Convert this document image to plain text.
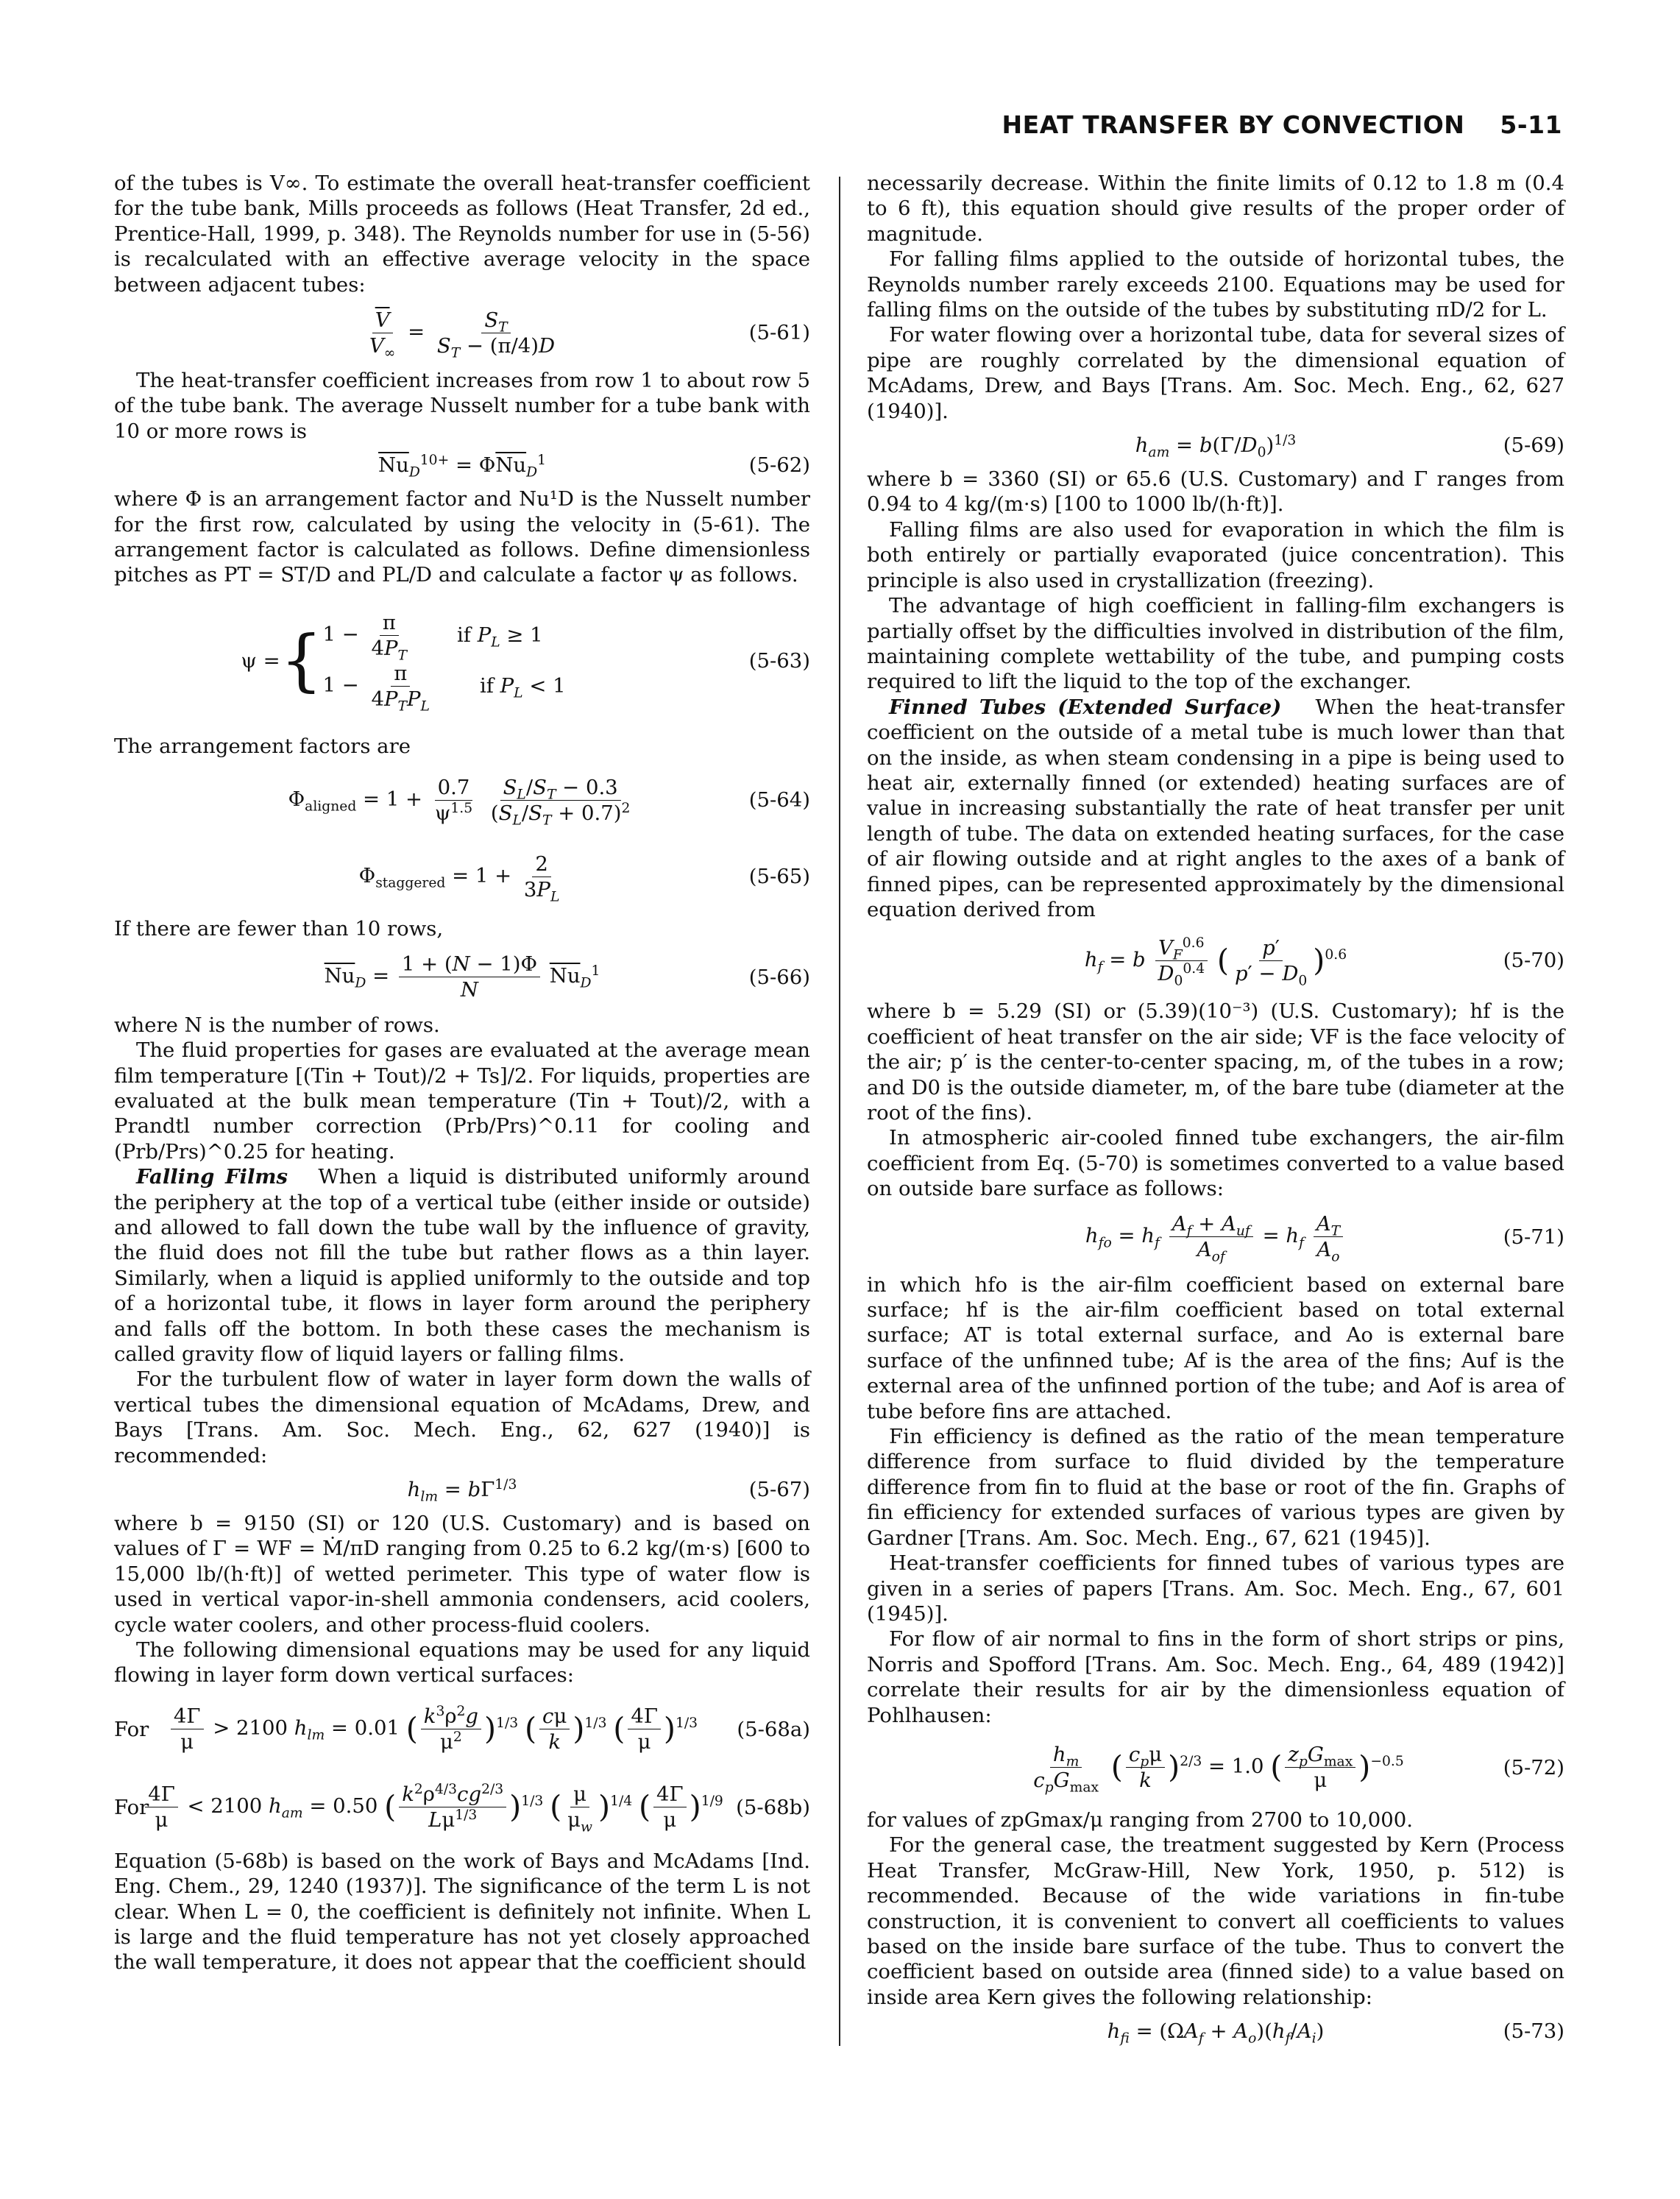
HEAT TRANSFER BY CONVECTION 5-11

of the tubes is V∞. To estimate the overall heat-transfer coefficient for the tube bank, Mills proceeds as follows (Heat Transfer, 2d ed., Prentice-Hall, 1999, p. 348). The Reynolds number for use in (5-56) is recalculated with an effective average velocity in the space between adjacent tubes:

$\frac{\overline{V}}{V_\infty} = \frac{S_T}{S_T - (\pi/4)D}$	(5-61)

The heat-transfer coefficient increases from row 1 to about row 5 of the tube bank. The average Nusselt number for a tube bank with 10 or more rows is

$\overline{Nu}_D^{10+} = \Phi\overline{Nu}_D^1$	(5-62)

where Φ is an arrangement factor and Nu¹D is the Nusselt number for the first row, calculated by using the velocity in (5-61). The arrangement factor is calculated as follows. Define dimensionless pitches as PT = ST/D and PL/D and calculate a factor ψ as follows.

ψ = { $1 - \frac{\pi}{4P_T}$ if $P_L \ge 1$
$1 - \frac{\pi}{4P_TP_L}$ if $P_L < 1$
(5-63)

The arrangement factors are

$\Phi_{aligned} = 1 + \frac{0.7}{\psi^{1.5}}$
$\frac{S_L/S_T - 0.3}{(S_L/S_T + 0.7)^2}$	(5-64)
$\Phi_{staggered} = 1 + \frac{2}{3P_L}$	(5-65)

If there are fewer than 10 rows,

$\overline{Nu}_D = \frac{1 + (N - 1)\Phi}{N} \overline{Nu}_D^1$	(5-66)

where N is the number of rows.

The fluid properties for gases are evaluated at the average mean film temperature [(Tin + Tout)/2 + Ts]/2. For liquids, properties are evaluated at the bulk mean temperature (Tin + Tout)/2, with a Prandtl number correction (Prb/Prs)^0.11 for cooling and (Prb/Prs)^0.25 for heating.

Falling Films When a liquid is distributed uniformly around the periphery at the top of a vertical tube (either inside or outside) and allowed to fall down the tube wall by the influence of gravity, the fluid does not fill the tube but rather flows as a thin layer. Similarly, when a liquid is applied uniformly to the outside and top of a horizontal tube, it flows in layer form around the periphery and falls off the bottom. In both these cases the mechanism is called gravity flow of liquid layers or falling films.

For the turbulent flow of water in layer form down the walls of vertical tubes the dimensional equation of McAdams, Drew, and Bays [Trans. Am. Soc. Mech. Eng., 62, 627 (1940)] is recommended:

$h_{lm} = b\Gamma^{1/3}$	(5-67)

where b = 9150 (SI) or 120 (U.S. Customary) and is based on values of Γ = WF = Ṁ/πD ranging from 0.25 to 6.2 kg/(m·s) [600 to 15,000 lb/(h·ft)] of wetted perimeter. This type of water flow is used in vertical vapor-in-shell ammonia condensers, acid coolers, cycle water coolers, and other process-fluid coolers.

The following dimensional equations may be used for any liquid flowing in layer form down vertical surfaces:

For $\frac{4\Gamma}{\mu} > 2100$ $h_{lm} = 0.01$ ( $\frac{k^3\rho^2g}{\mu^2} )^{1/3}$ ( $\frac{c\mu}{k} )^{1/3}$ ( $\frac{4\Gamma}{\mu} )^{1/3}$ (5-68a)
For
$\frac{4\Gamma}{\mu} < 2100$ $h_{am} = 0.50$ ( $\frac{k^2\rho^{4/3}cg^{2/3}}{L\mu^{1/3}} )^{1/3}$ ( $\frac{\mu}{\mu_w} )^{1/4}$ ( $\frac{4\Gamma}{\mu} )^{1/9}$ (5-68b)

Equation (5-68b) is based on the work of Bays and McAdams [Ind. Eng. Chem., 29, 1240 (1937)]. The significance of the term L is not clear. When L = 0, the coefficient is definitely not infinite. When L is large and the fluid temperature has not yet closely approached the wall temperature, it does not appear that the coefficient should

necessarily decrease. Within the finite limits of 0.12 to 1.8 m (0.4 to 6 ft), this equation should give results of the proper order of magnitude.

For falling films applied to the outside of horizontal tubes, the Reynolds number rarely exceeds 2100. Equations may be used for falling films on the outside of the tubes by substituting πD/2 for L.

For water flowing over a horizontal tube, data for several sizes of pipe are roughly correlated by the dimensional equation of McAdams, Drew, and Bays [Trans. Am. Soc. Mech. Eng., 62, 627 (1940)].

$h_{am} = b(\Gamma/D_0)^{1/3}$	(5-69)

where b = 3360 (SI) or 65.6 (U.S. Customary) and Γ ranges from 0.94 to 4 kg/(m·s) [100 to 1000 lb/(h·ft)].

Falling films are also used for evaporation in which the film is both entirely or partially evaporated (juice concentration). This principle is also used in crystallization (freezing).

The advantage of high coefficient in falling-film exchangers is partially offset by the difficulties involved in distribution of the film, maintaining complete wettability of the tube, and pumping costs required to lift the liquid to the top of the exchanger.

Finned Tubes (Extended Surface) When the heat-transfer coefficient on the outside of a metal tube is much lower than that on the inside, as when steam condensing in a pipe is being used to heat air, externally finned (or extended) heating surfaces are of value in increasing substantially the rate of heat transfer per unit length of tube. The data on extended heating surfaces, for the case of air flowing outside and at right angles to the axes of a bank of finned pipes, can be represented approximately by the dimensional equation derived from

$h_f = b \frac{V_F^{0.6}}{D_0^{0.4}}$ ( $\frac{p'}{p' - D_0} )^{0.6}$	(5-70)

where b = 5.29 (SI) or (5.39)(10⁻³) (U.S. Customary); hf is the coefficient of heat transfer on the air side; VF is the face velocity of the air; p′ is the center-to-center spacing, m, of the tubes in a row; and D0 is the outside diameter, m, of the bare tube (diameter at the root of the fins).

In atmospheric air-cooled finned tube exchangers, the air-film coefficient from Eq. (5-70) is sometimes converted to a value based on outside bare surface as follows:

$h_{fo} = h_f \frac{A_f + A_{uf}}{A_{of}} = h_f \frac{A_T}{A_o}$	(5-71)

in which hfo is the air-film coefficient based on external bare surface; hf is the air-film coefficient based on total external surface; AT is total external surface, and Ao is external bare surface of the unfinned tube; Af is the area of the fins; Auf is the external area of the unfinned portion of the tube; and Aof is area of tube before fins are attached.

Fin efficiency is defined as the ratio of the mean temperature difference from surface to fluid divided by the temperature difference from fin to fluid at the base or root of the fin. Graphs of fin efficiency for extended surfaces of various types are given by Gardner [Trans. Am. Soc. Mech. Eng., 67, 621 (1945)].

Heat-transfer coefficients for finned tubes of various types are given in a series of papers [Trans. Am. Soc. Mech. Eng., 67, 601 (1945)].

For flow of air normal to fins in the form of short strips or pins, Norris and Spofford [Trans. Am. Soc. Mech. Eng., 64, 489 (1942)] correlate their results for air by the dimensionless equation of Pohlhausen:

$\frac{h_m}{c_pG_{max}}$ ( $\frac{c_p\mu}{k} )^{2/3} = 1.0$ ( $\frac{z_pG_{max}}{\mu} )^{-0.5}$	(5-72)

for values of zpGmax/μ ranging from 2700 to 10,000.

For the general case, the treatment suggested by Kern (Process Heat Transfer, McGraw-Hill, New York, 1950, p. 512) is recommended. Because of the wide variations in fin-tube construction, it is convenient to convert all coefficients to values based on the inside bare surface of the tube. Thus to convert the coefficient based on outside area (finned side) to a value based on inside area Kern gives the following relationship:

$h_{fi} = (\Omega A_f + A_o)(h_f/A_i)$	(5-73)
